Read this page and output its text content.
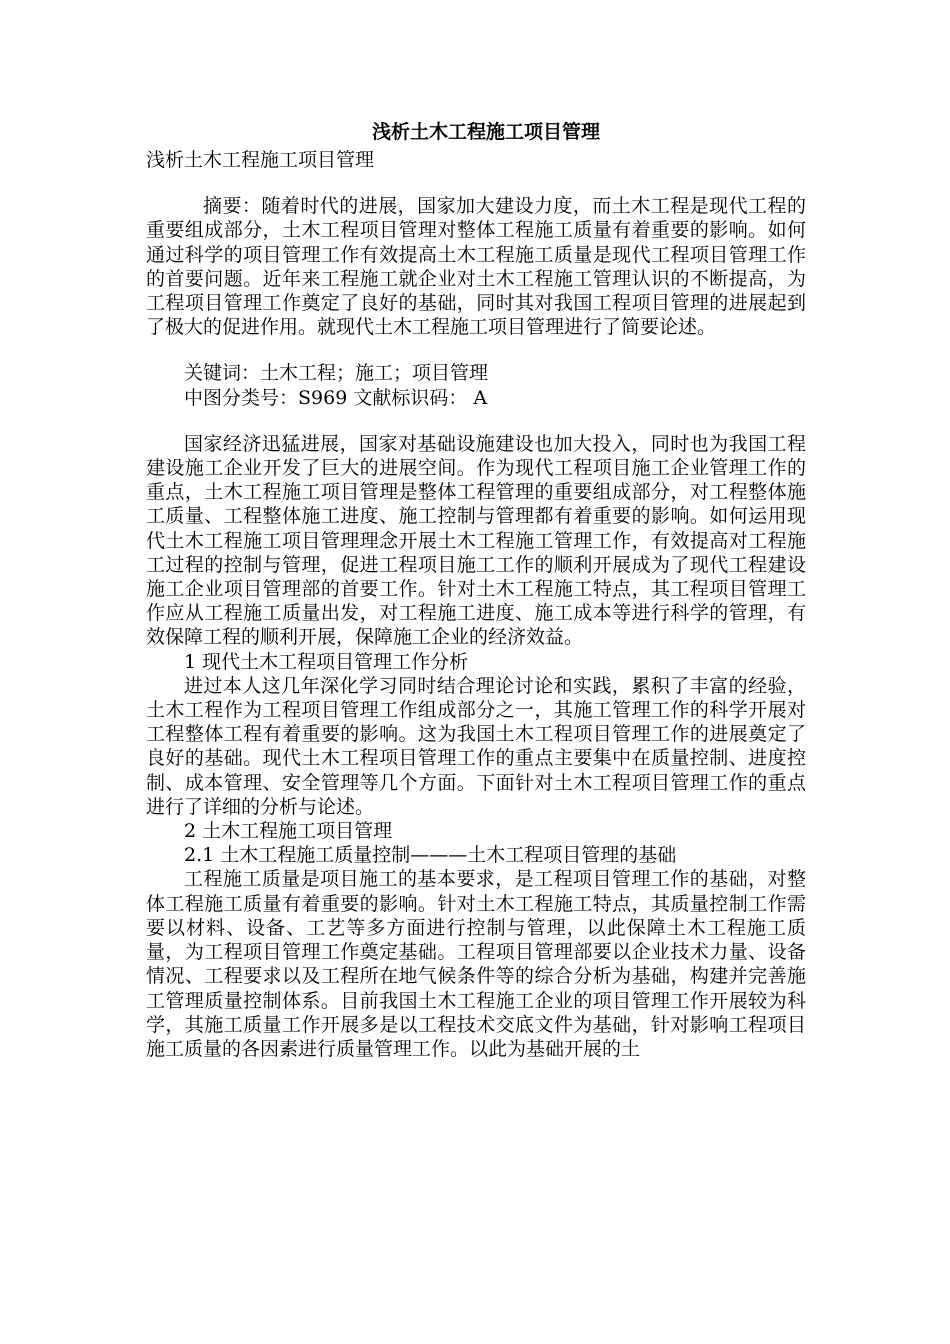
浅析土木工程施工项目管理

浅析土木工程施工项目管理

摘要：随着时代的进展，国家加大建设力度，而土木工程是现代工程的重要组成部分，土木工程项目管理对整体工程施工质量有着重要的影响。如何通过科学的项目管理工作有效提高土木工程施工质量是现代工程项目管理工作的首要问题。近年来工程施工就企业对土木工程施工管理认识的不断提高，为工程项目管理工作奠定了良好的基础，同时其对我国工程项目管理的进展起到了极大的促进作用。就现代土木工程施工项目管理进行了简要论述。

关键词：土木工程；施工；项目管理

中图分类号：S969 文献标识码： A

国家经济迅猛进展，国家对基础设施建设也加大投入，同时也为我国工程建设施工企业开发了巨大的进展空间。作为现代工程项目施工企业管理工作的重点，土木工程施工项目管理是整体工程管理的重要组成部分，对工程整体施工质量、工程整体施工进度、施工控制与管理都有着重要的影响。如何运用现代土木工程施工项目管理理念开展土木工程施工管理工作，有效提高对工程施工过程的控制与管理，促进工程项目施工工作的顺利开展成为了现代工程建设施工企业项目管理部的首要工作。针对土木工程施工特点，其工程项目管理工作应从工程施工质量出发，对工程施工进度、施工成本等进行科学的管理，有效保障工程的顺利开展，保障施工企业的经济效益。

1 现代土木工程项目管理工作分析

进过本人这几年深化学习同时结合理论讨论和实践，累积了丰富的经验，土木工程作为工程项目管理工作组成部分之一，其施工管理工作的科学开展对工程整体工程有着重要的影响。这为我国土木工程项目管理工作的进展奠定了良好的基础。现代土木工程项目管理工作的重点主要集中在质量控制、进度控制、成本管理、安全管理等几个方面。下面针对土木工程项目管理工作的重点进行了详细的分析与论述。

2 土木工程施工项目管理

2.1 土木工程施工质量控制———土木工程项目管理的基础

工程施工质量是项目施工的基本要求，是工程项目管理工作的基础，对整体工程施工质量有着重要的影响。针对土木工程施工特点，其质量控制工作需要以材料、设备、工艺等多方面进行控制与管理，以此保障土木工程施工质量，为工程项目管理工作奠定基础。工程项目管理部要以企业技术力量、设备情况、工程要求以及工程所在地气候条件等的综合分析为基础，构建并完善施工管理质量控制体系。目前我国土木工程施工企业的项目管理工作开展较为科学，其施工质量工作开展多是以工程技术交底文件为基础，针对影响工程项目施工质量的各因素进行质量管理工作。以此为基础开展的土
